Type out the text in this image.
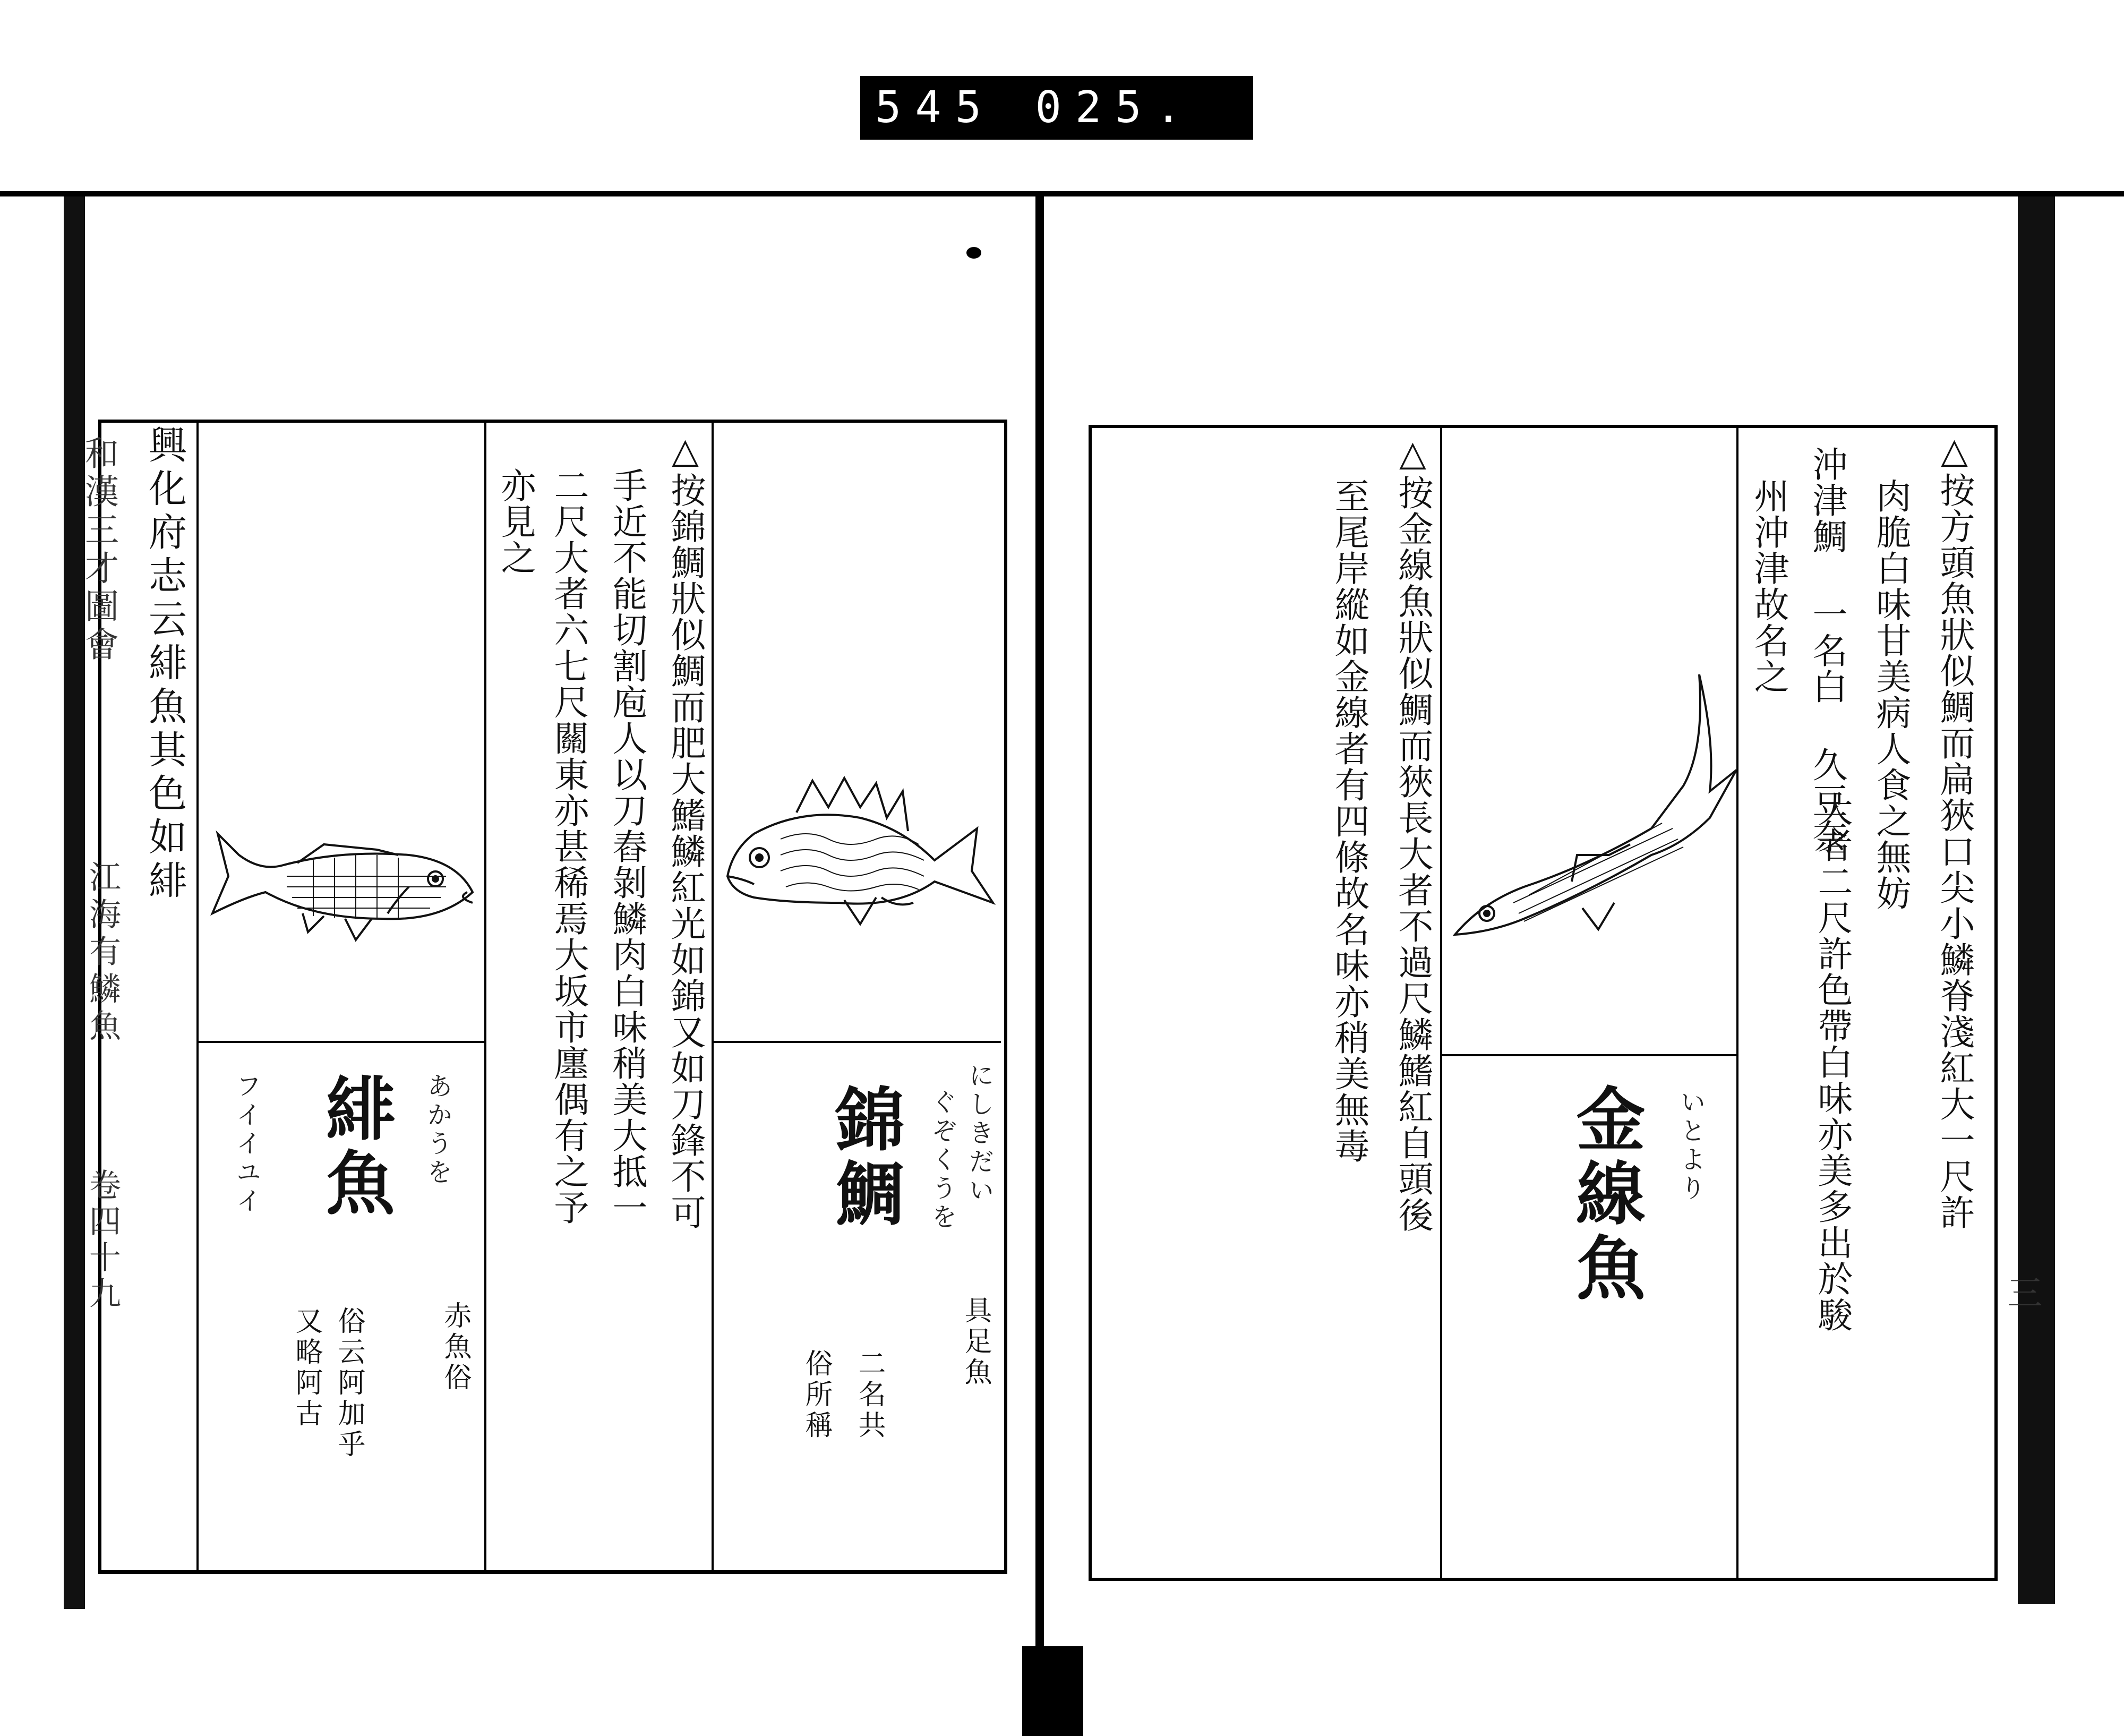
545 025.
和漢三才圖會
江海有鱗魚
卷四十九
興化府志云緋魚其色如緋
あかうを
緋魚
フイイユイ
赤魚俗
俗云阿加乎
又略阿古
△按錦鯛狀似鯛而肥大鰭鱗紅光如錦又如刀鋒不可
手近不能切割庖人以刀舂剝鱗肉白味稍美大抵一
二尺大者六七尺關東亦甚稀焉大坂市廛偶有之予
亦見之
にしきだい
ぐぞくうを
錦鯛
具足魚
二名共
俗所稱
△按金線魚狀似鯛而狹長大者不過尺鱗鰭紅自頭後
至尾岸縱如金線者有四條故名味亦稍美無毒	いとより
金線魚	△按方頭魚狀似鯛而扁狹口尖小鱗脊淺紅大一尺許
肉脆白味甘美病人食之無妨
沖津鯛 一名白 久豆奈
大者二尺許色帶白味亦美多出於駿
州沖津故名之
三
